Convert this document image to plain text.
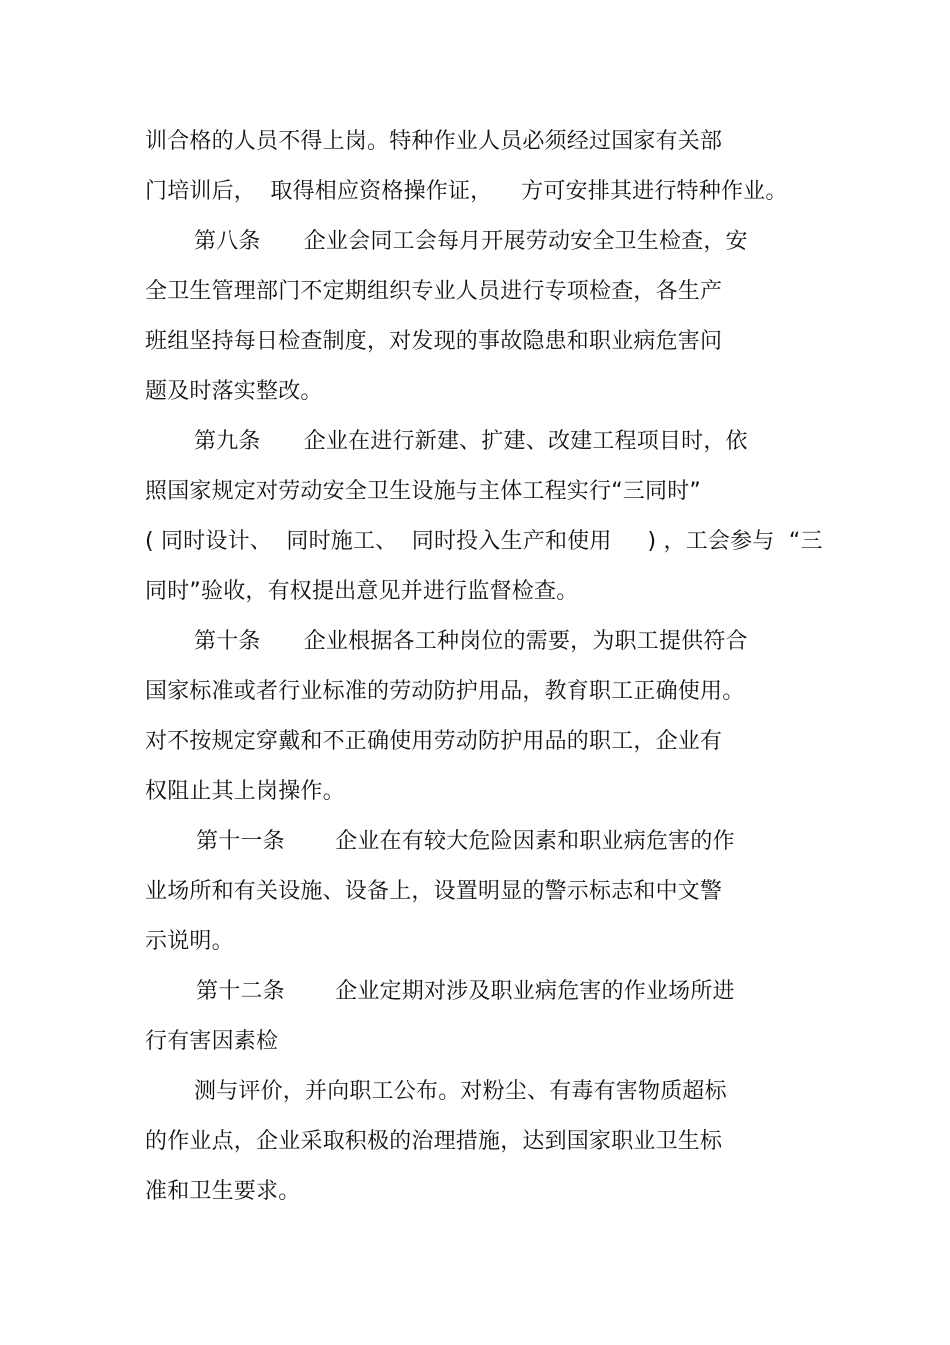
训合格的人员不得上岗。特种作业人员必须经过国家有关部
门培训后，  取得相应资格操作证，    方可安排其进行特种作业。
第八条      企业会同工会每月开展劳动安全卫生检查，安
全卫生管理部门不定期组织专业人员进行专项检查，各生产
班组坚持每日检查制度，对发现的事故隐患和职业病危害问
题及时落实整改。
第九条      企业在进行新建、扩建、改建工程项目时，依
照国家规定对劳动安全卫生设施与主体工程实行“三同时”
( 同时设计、  同时施工、  同时投入生产和使用     ) ，工会参与  “三
同时”验收，有权提出意见并进行监督检查。
第十条      企业根据各工种岗位的需要，为职工提供符合
国家标准或者行业标准的劳动防护用品，教育职工正确使用。
对不按规定穿戴和不正确使用劳动防护用品的职工，企业有
权阻止其上岗操作。
第十一条       企业在有较大危险因素和职业病危害的作
业场所和有关设施、设备上，设置明显的警示标志和中文警
示说明。
第十二条       企业定期对涉及职业病危害的作业场所进
行有害因素检
测与评价，并向职工公布。对粉尘、有毒有害物质超标
的作业点，企业采取积极的治理措施，达到国家职业卫生标
准和卫生要求。
